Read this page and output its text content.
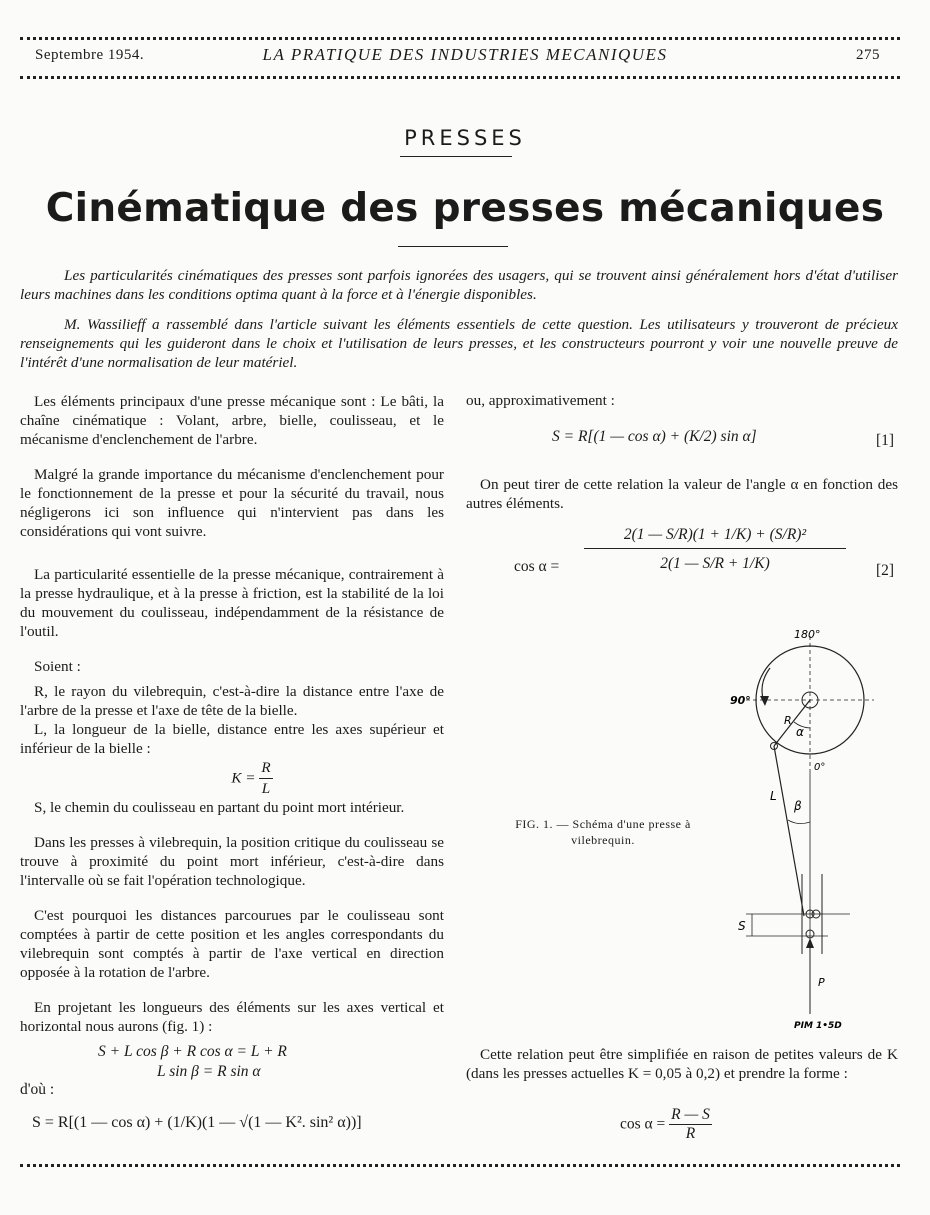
Septembre 1954.	LA PRATIQUE DES INDUSTRIES MECANIQUES	275
PRESSES
Cinématique des presses mécaniques
Les particularités cinématiques des presses sont parfois ignorées des usagers, qui se trouvent ainsi généralement hors d'état d'utiliser leurs machines dans les conditions optima quant à la force et à l'énergie disponibles.
M. Wassilieff a rassemblé dans l'article suivant les éléments essentiels de cette question. Les utilisateurs y trouveront de précieux renseignements qui les guideront dans le choix et l'utilisation de leurs presses, et les constructeurs pourront y voir une nouvelle preuve de l'intérêt d'une normalisation de leur matériel.

Les éléments principaux d'une presse mécanique sont : Le bâti, la chaîne cinématique : Volant, arbre, bielle, coulisseau, et le mécanisme d'enclenchement de l'arbre.

Malgré la grande importance du mécanisme d'enclenchement pour le fonctionnement de la presse et pour la sécurité du travail, nous négligerons ici son influence qui n'intervient pas dans les considérations qui vont suivre.

La particularité essentielle de la presse mécanique, contrairement à la presse hydraulique, et à la presse à friction, est la stabilité de la loi du mouvement du coulisseau, indépendamment de la résistance de l'outil.

Soient :

R, le rayon du vilebrequin, c'est-à-dire la distance entre l'axe de l'arbre de la presse et l'axe de tête de la bielle.

L, la longueur de la bielle, distance entre les axes supérieur et inférieur de la bielle :

$K = \frac{R}{L}$

S, le chemin du coulisseau en partant du point mort intérieur.

Dans les presses à vilebrequin, la position critique du coulisseau se trouve à proximité du point mort inférieur, c'est-à-dire dans l'intervalle où se fait l'opération technologique.

C'est pourquoi les distances parcourues par le coulisseau sont comptées à partir de cette position et les angles correspondants du vilebrequin sont comptés à partir de l'axe vertical en direction opposée à la rotation de l'arbre.

En projetant les longueurs des éléments sur les axes vertical et horizontal nous aurons (fig. 1) :

S + L cos β + R cos α = L + R
L sin β = R sin α
d'où :
S = R[(1 — cos α) + (1/K)(1 — √(1 — K². sin² α))]

ou, approximativement :

S = R[(1 — cos α) + (K/2) sin α]	[1]

On peut tirer de cette relation la valeur de l'angle α en fonction des autres éléments.

cos α =
2(1 — S/R)(1 + 1/K) + (S/R)²
2(1 — S/R + 1/K)	[2]
180°
90°
0°
R
α
L
β
S
P
PIM 1•5D
FIG. 1. — Schéma d'une presse à vilebrequin.

Cette relation peut être simplifiée en raison de petites valeurs de K (dans les presses actuelles K = 0,05 à 0,2) et prendre la forme :

$\cos \alpha = \frac{R — S}{R}$
